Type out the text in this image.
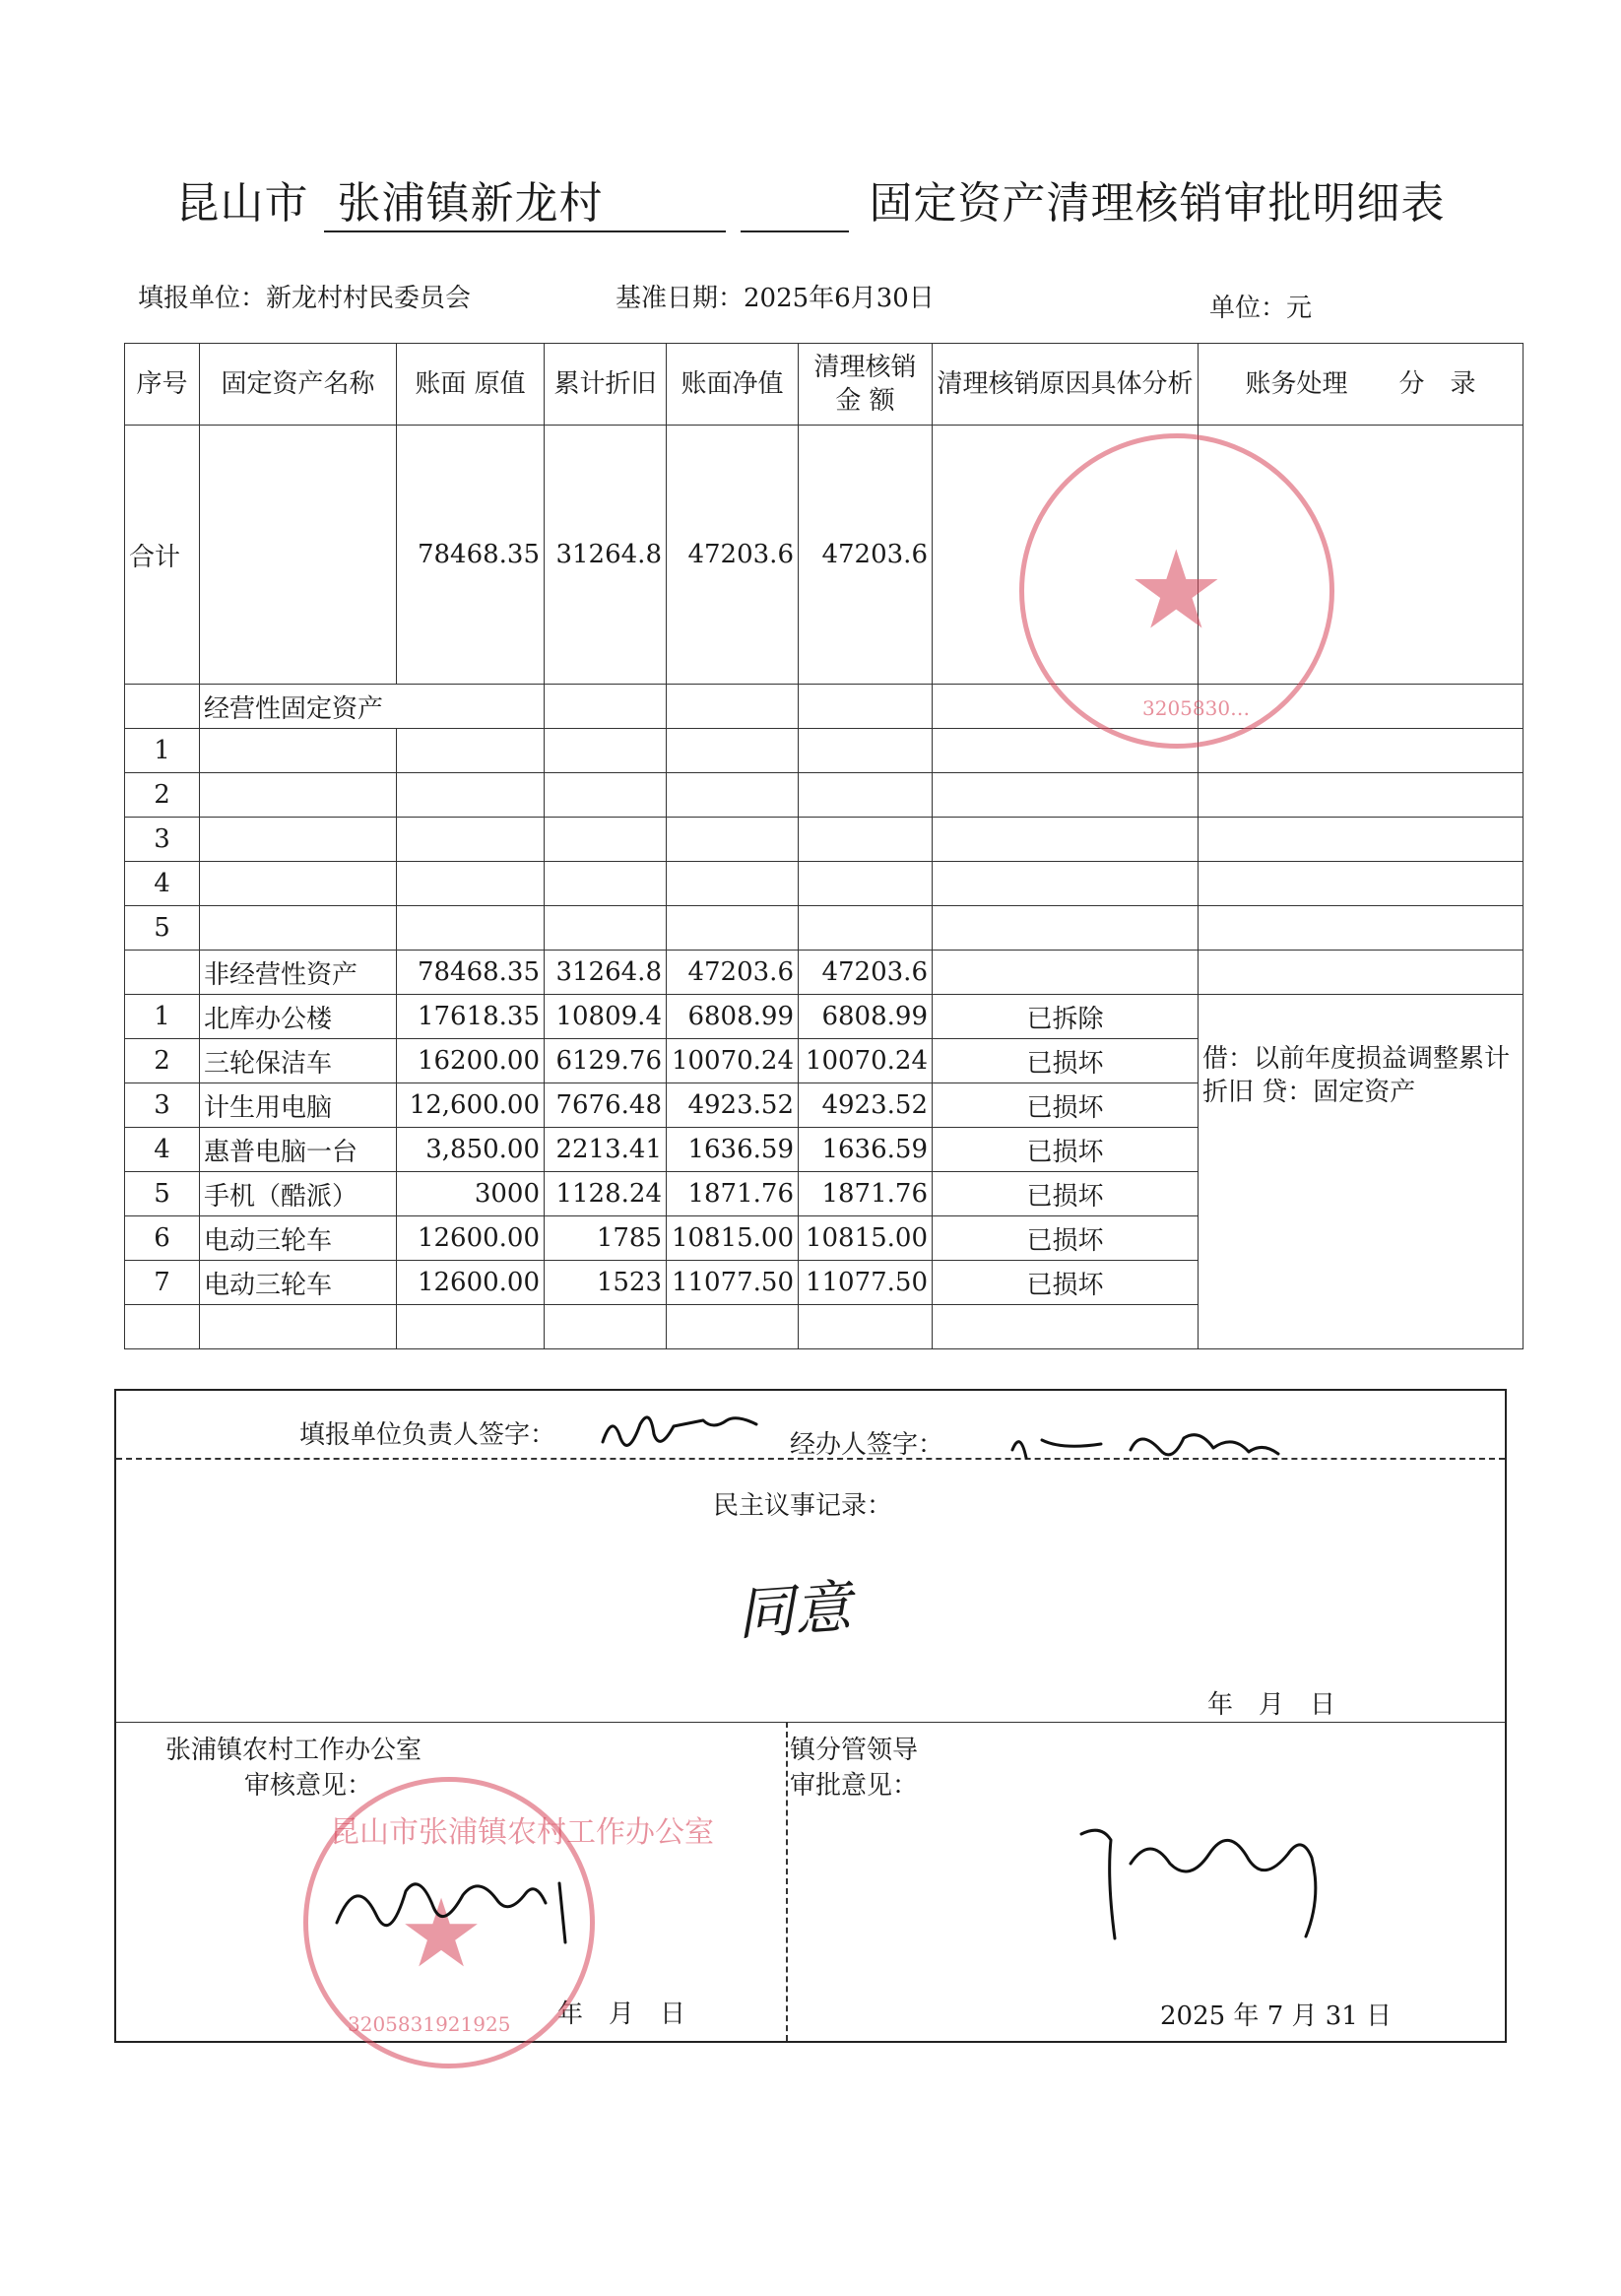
昆山市 张浦镇新龙村	固定资产清理核销审批明细表
填报单位：新龙村村民委员会	基准日期：2025年6月30日	单位：元
序号	固定资产名称	账面 原值	累计折旧	账面净值	清理核销金 额	清理核销原因具体分析	账务处理　　分　录
合计		78468.35	31264.8	47203.6	47203.6		
	经营性固定资产						
1							
2							
3							
4							
5							
	非经营性资产	78468.35	31264.8	47203.6	47203.6		
1	北库办公楼	17618.35	10809.4	6808.99	6808.99	已拆除	借：以前年度损益调整累计折旧 贷：固定资产
2	三轮保洁车	16200.00	6129.76	10070.24	10070.24	已损坏	
3	计生用电脑	12,600.00	7676.48	4923.52	4923.52	已损坏	
4	惠普电脑一台	3,850.00	2213.41	1636.59	1636.59	已损坏	
5	手机（酷派）	3000	1128.24	1871.76	1871.76	已损坏	
6	电动三轮车	12600.00	1785	10815.00	10815.00	已损坏	
7	电动三轮车	12600.00	1523	11077.50	11077.50	已损坏	

★
3205830…
填报单位负责人签字：	经办人签字：
民主议事记录：
同意
年　月　日
张浦镇农村工作办公室
审核意见：
年　月　日
镇分管领导
审批意见：
2025 年 7 月 31 日
昆山市张浦镇农村工作办公室
★
3205831921925
